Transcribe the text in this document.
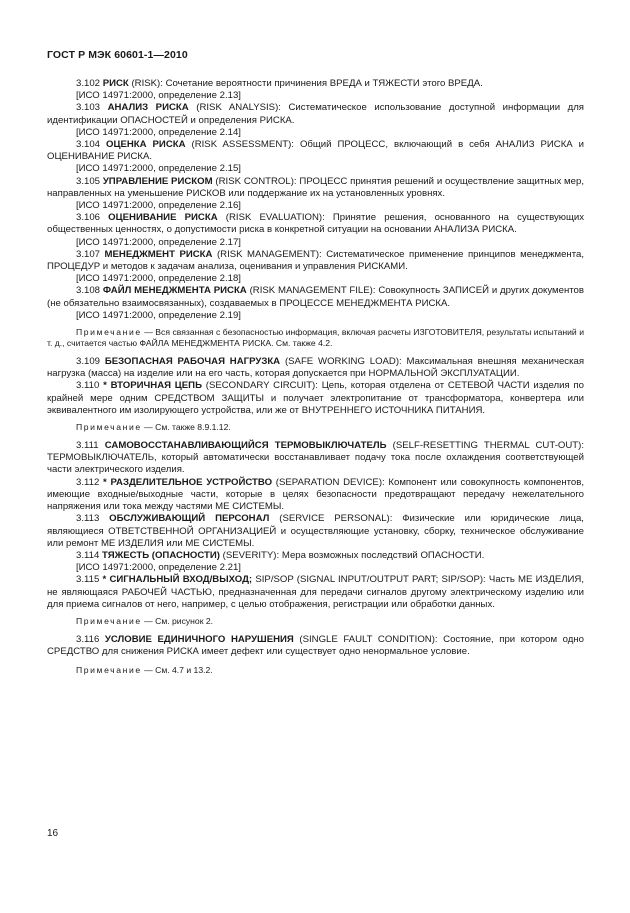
ГОСТ Р МЭК 60601-1—2010

3.102 РИСК (RISK): Сочетание вероятности причинения ВРЕДА и ТЯЖЕСТИ этого ВРЕДА.

[ИСО 14971:2000, определение 2.13]

3.103 АНАЛИЗ РИСКА (RISK ANALYSIS): Систематическое использование доступной информации для идентификации ОПАСНОСТЕЙ и определения РИСКА.

[ИСО 14971:2000, определение 2.14]

3.104 ОЦЕНКА РИСКА (RISK ASSESSMENT): Общий ПРОЦЕСС, включающий в себя АНАЛИЗ РИСКА и ОЦЕНИВАНИЕ РИСКА.

[ИСО 14971:2000, определение 2.15]

3.105 УПРАВЛЕНИЕ РИСКОМ (RISK CONTROL): ПРОЦЕСС принятия решений и осуществление защитных мер, направленных на уменьшение РИСКОВ или поддержание их на установленных уровнях.

[ИСО 14971:2000, определение 2.16]

3.106 ОЦЕНИВАНИЕ РИСКА (RISK EVALUATION): Принятие решения, основанного на существующих общественных ценностях, о допустимости риска в конкретной ситуации на основании АНАЛИЗА РИСКА.

[ИСО 14971:2000, определение 2.17]

3.107 МЕНЕДЖМЕНТ РИСКА (RISK MANAGEMENT): Систематическое применение принципов менеджмента, ПРОЦЕДУР и методов к задачам анализа, оценивания и управления РИСКАМИ.

[ИСО 14971:2000, определение 2.18]

3.108 ФАЙЛ МЕНЕДЖМЕНТА РИСКА (RISK MANAGEMENT FILE): Совокупность ЗАПИСЕЙ и других документов (не обязательно взаимосвязанных), создаваемых в ПРОЦЕССЕ МЕНЕДЖМЕНТА РИСКА.

[ИСО 14971:2000, определение 2.19]

Примечание — Вся связанная с безопасностью информация, включая расчеты ИЗГОТОВИТЕЛЯ, результаты испытаний и т. д., считается частью ФАЙЛА МЕНЕДЖМЕНТА РИСКА. См. также 4.2.

3.109 БЕЗОПАСНАЯ РАБОЧАЯ НАГРУЗКА (SAFE WORKING LOAD): Максимальная внешняя механическая нагрузка (масса) на изделие или на его часть, которая допускается при НОРМАЛЬНОЙ ЭКСПЛУАТАЦИИ.

3.110 * ВТОРИЧНАЯ ЦЕПЬ (SECONDARY CIRCUIT): Цепь, которая отделена от СЕТЕВОЙ ЧАСТИ изделия по крайней мере одним СРЕДСТВОМ ЗАЩИТЫ и получает электропитание от трансформатора, конвертера или эквивалентного им изолирующего устройства, или же от ВНУТРЕННЕГО ИСТОЧНИКА ПИТАНИЯ.

Примечание — См. также 8.9.1.12.

3.111 САМОВОССТАНАВЛИВАЮЩИЙСЯ ТЕРМОВЫКЛЮЧАТЕЛЬ (SELF-RESETTING THERMAL CUT-OUT): ТЕРМОВЫКЛЮЧАТЕЛЬ, который автоматически восстанавливает подачу тока после охлаждения соответствующей части электрического изделия.

3.112 * РАЗДЕЛИТЕЛЬНОЕ УСТРОЙСТВО (SEPARATION DEVICE): Компонент или совокупность компонентов, имеющие входные/выходные части, которые в целях безопасности предотвращают передачу нежелательного напряжения или тока между частями МЕ СИСТЕМЫ.

3.113 ОБСЛУЖИВАЮЩИЙ ПЕРСОНАЛ (SERVICE PERSONAL): Физические или юридические лица, являющиеся ОТВЕТСТВЕННОЙ ОРГАНИЗАЦИЕЙ и осуществляющие установку, сборку, техническое обслуживание или ремонт МЕ ИЗДЕЛИЯ или МЕ СИСТЕМЫ.

3.114 ТЯЖЕСТЬ (ОПАСНОСТИ) (SEVERITY): Мера возможных последствий ОПАСНОСТИ.

[ИСО 14971:2000, определение 2.21]

3.115 * СИГНАЛЬНЫЙ ВХОД/ВЫХОД; SIP/SOP (SIGNAL INPUT/OUTPUT PART; SIP/SOP): Часть МЕ ИЗДЕЛИЯ, не являющаяся РАБОЧЕЙ ЧАСТЬЮ, предназначенная для передачи сигналов другому электрическому изделию или для приема сигналов от него, например, с целью отображения, регистрации или обработки данных.

Примечание — См. рисунок 2.

3.116 УСЛОВИЕ ЕДИНИЧНОГО НАРУШЕНИЯ (SINGLE FAULT CONDITION): Состояние, при котором одно СРЕДСТВО для снижения РИСКА имеет дефект или существует одно ненормальное условие.

Примечание — См. 4.7 и 13.2.

16
